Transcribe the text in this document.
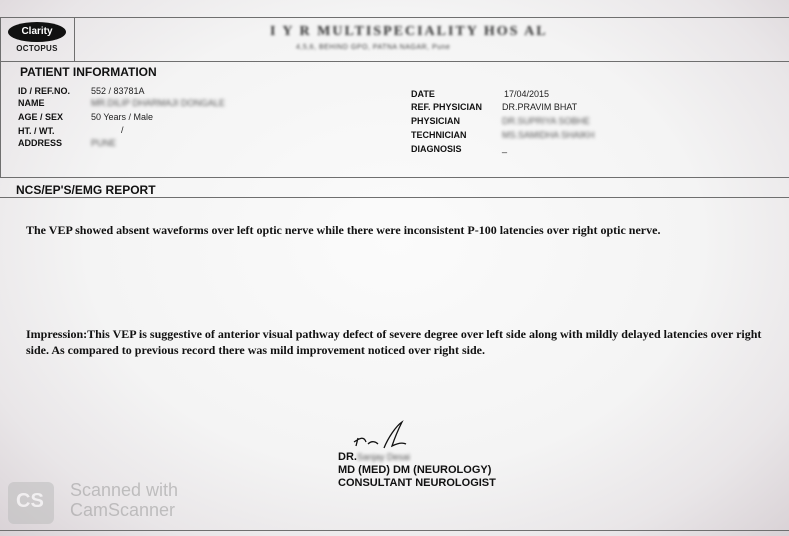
Clarity
OCTOPUS
I Y R MULTISPECIALITY HOS AL
4,5,6, BEHIND GPO, PATNA NAGAR, Pune
PATIENT INFORMATION
ID / REF.NO. 552 / 83781A
NAME	MR.DILIP DHARMAJI DONGALE
AGE / SEX	50 Years / Male
HT. / WT.	/
ADDRESS	PUNE
DATE	17/04/2015
REF. PHYSICIAN DR.PRAVIM BHAT
PHYSICIAN	DR.SUPRIYA SOBHE
TECHNICIAN	MS.SAMIDHA SHAIKH
DIAGNOSIS	_
NCS/EP'S/EMG REPORT
The VEP showed absent waveforms over left optic nerve while there were inconsistent P-100 latencies over right optic nerve.
Impression:This VEP is suggestive of anterior visual pathway defect of severe degree over left side along with mildly delayed latencies over right side. As compared to previous record there was mild improvement noticed over right side.
DR.Sanjay Desai
MD (MED) DM (NEUROLOGY)
CONSULTANT NEUROLOGIST
CS Scanned with
CamScanner
